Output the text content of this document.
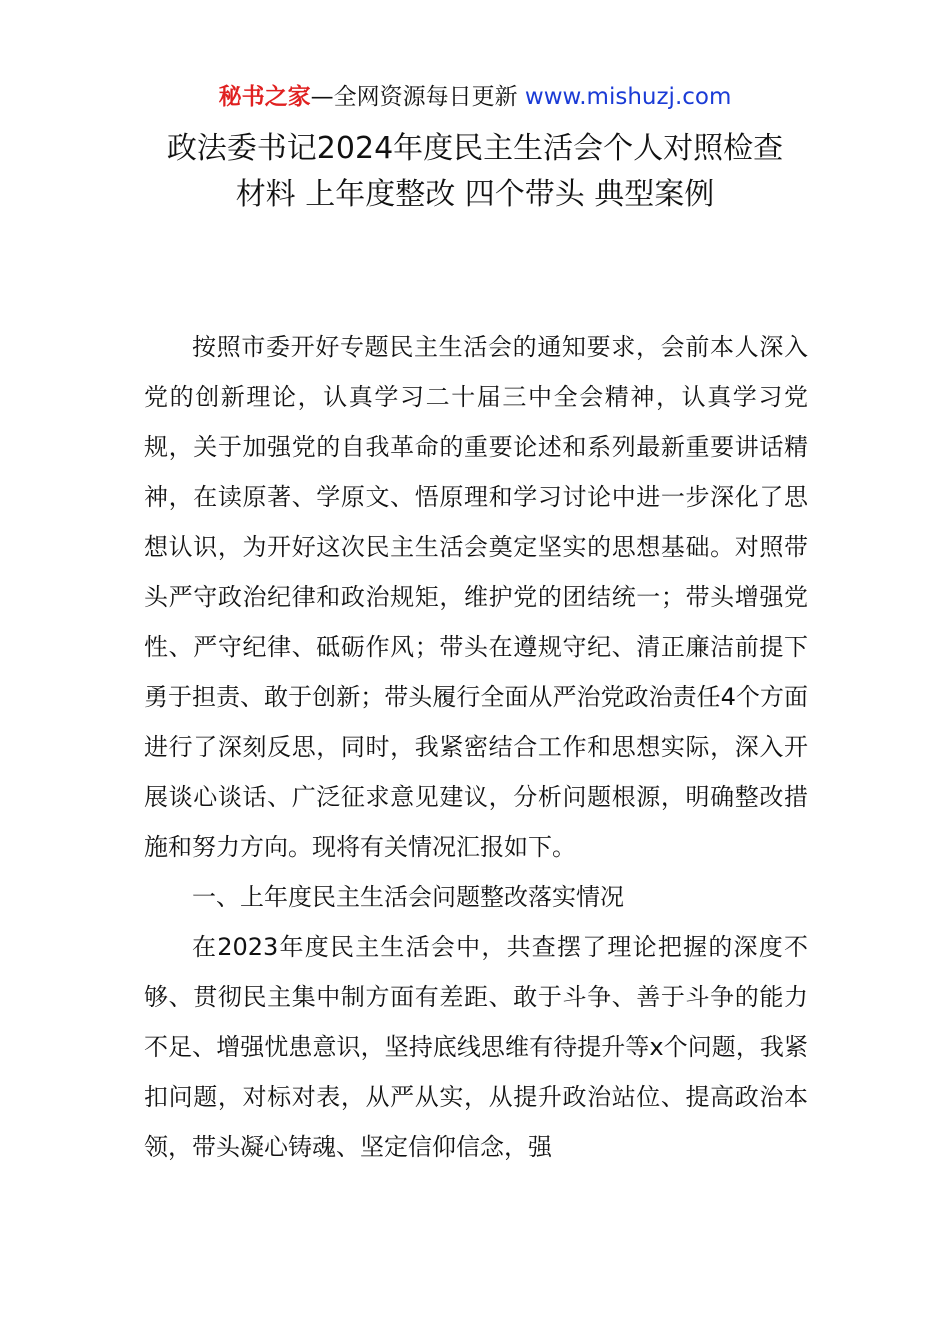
秘书之家—全网资源每日更新 www.mishuzj.com
政法委书记2024年度民主生活会个人对照检查
材料 上年度整改 四个带头 典型案例

按照市委开好专题民主生活会的通知要求，会前本人深入党的创新理论，认真学习二十届三中全会精神，认真学习党规，关于加强党的自我革命的重要论述和系列最新重要讲话精神，在读原著、学原文、悟原理和学习讨论中进一步深化了思想认识，为开好这次民主生活会奠定坚实的思想基础。对照带头严守政治纪律和政治规矩，维护党的团结统一；带头增强党性、严守纪律、砥砺作风；带头在遵规守纪、清正廉洁前提下勇于担责、敢于创新；带头履行全面从严治党政治责任4个方面进行了深刻反思，同时，我紧密结合工作和思想实际，深入开展谈心谈话、广泛征求意见建议，分析问题根源，明确整改措施和努力方向。现将有关情况汇报如下。

一、上年度民主生活会问题整改落实情况

在2023年度民主生活会中，共查摆了理论把握的深度不够、贯彻民主集中制方面有差距、敢于斗争、善于斗争的能力不足、增强忧患意识，坚持底线思维有待提升等x个问题，我紧扣问题，对标对表，从严从实，从提升政治站位、提高政治本领，带头凝心铸魂、坚定信仰信念，强
